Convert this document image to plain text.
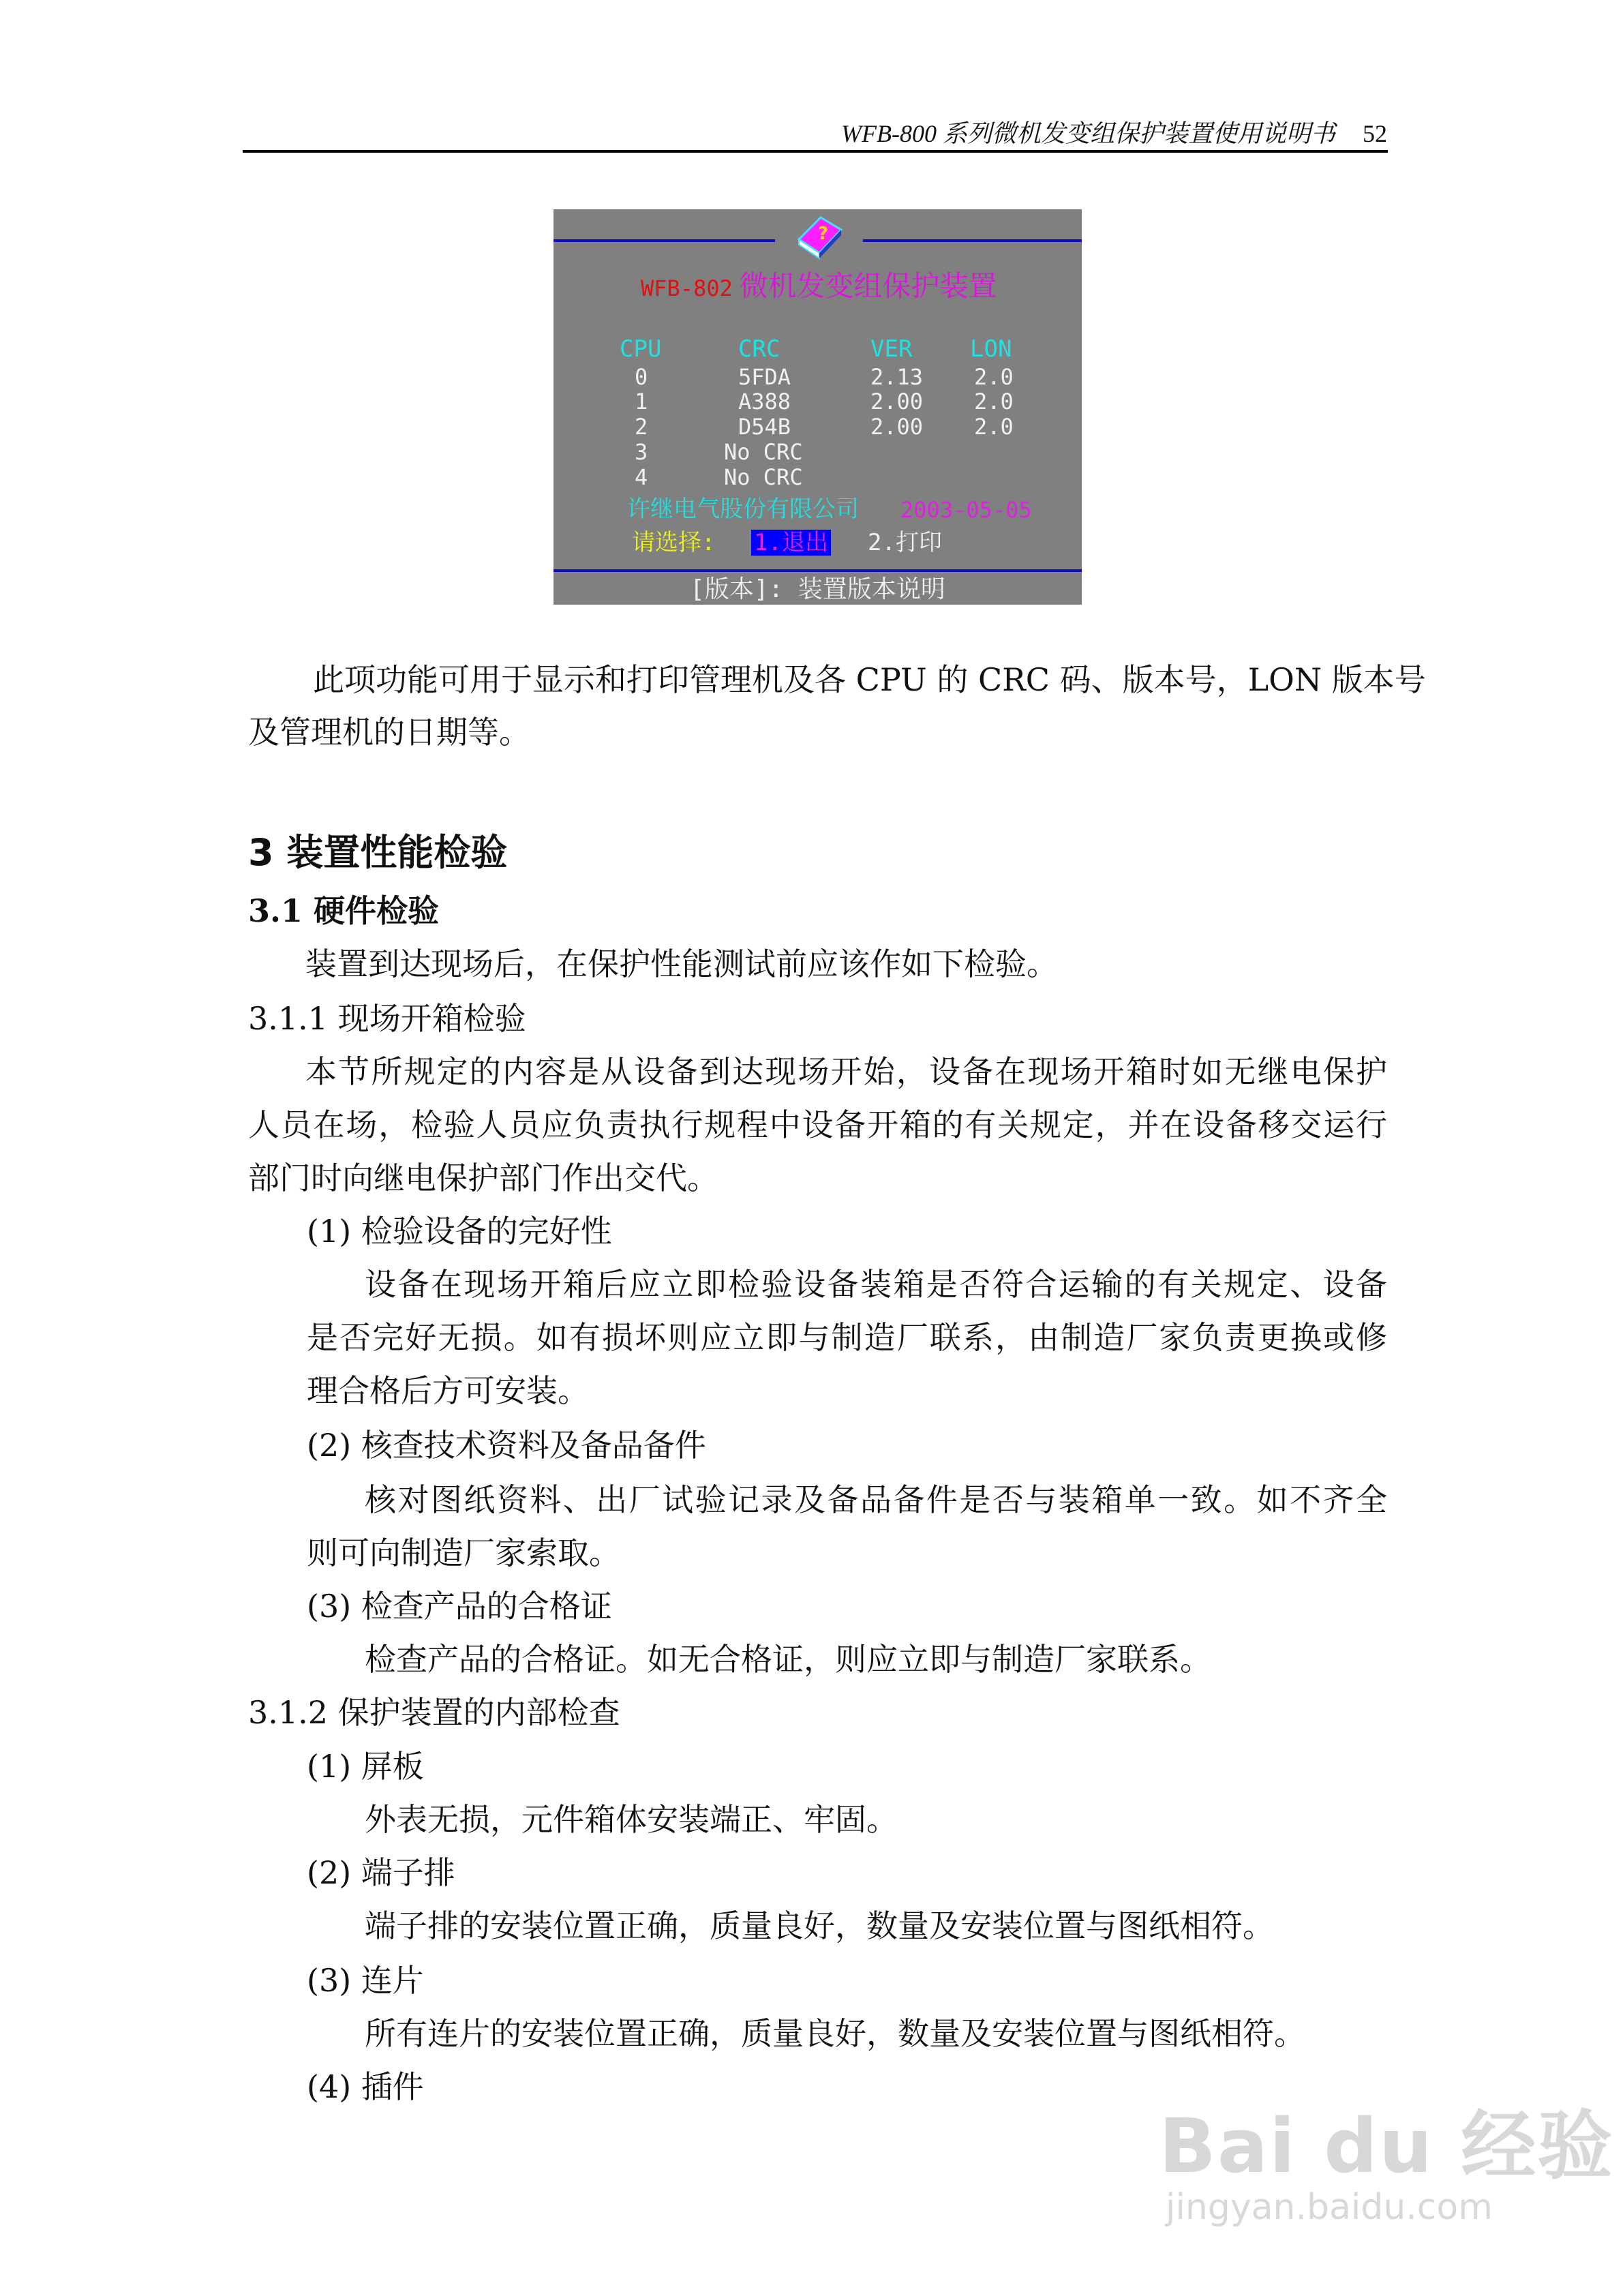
WFB-800 系列微机发变组保护装置使用说明书 52
?
WFB-802 微机发变组保护装置
CPU	CRC	VER LON
0	5FDA	2.13 2.0
1	A388	2.00 2.0
2	D54B	2.00 2.0
3	No CRC
4	No CRC
许继电气股份有限公司 2003-05-05
请选择: 1.退出 2.打印
[版本]: 装置版本说明
此项功能可用于显示和打印管理机及各 CPU 的 CRC 码、版本号，LON 版本号
及管理机的日期等。
3 装置性能检验
3.1 硬件检验
装置到达现场后，在保护性能测试前应该作如下检验。
3.1.1 现场开箱检验
本节所规定的内容是从设备到达现场开始，设备在现场开箱时如无继电保护
人员在场，检验人员应负责执行规程中设备开箱的有关规定，并在设备移交运行
部门时向继电保护部门作出交代。
(1) 检验设备的完好性
设备在现场开箱后应立即检验设备装箱是否符合运输的有关规定、设备
是否完好无损。如有损坏则应立即与制造厂联系，由制造厂家负责更换或修
理合格后方可安装。
(2) 核查技术资料及备品备件
核对图纸资料、出厂试验记录及备品备件是否与装箱单一致。如不齐全
则可向制造厂家索取。
(3) 检查产品的合格证
检查产品的合格证。如无合格证，则应立即与制造厂家联系。
3.1.2 保护装置的内部检查
(1) 屏板
外表无损，元件箱体安装端正、牢固。
(2) 端子排
端子排的安装位置正确，质量良好，数量及安装位置与图纸相符。
(3) 连片
所有连片的安装位置正确，质量良好，数量及安装位置与图纸相符。
(4) 插件
Bai du 经验
jingyan.baidu.com
